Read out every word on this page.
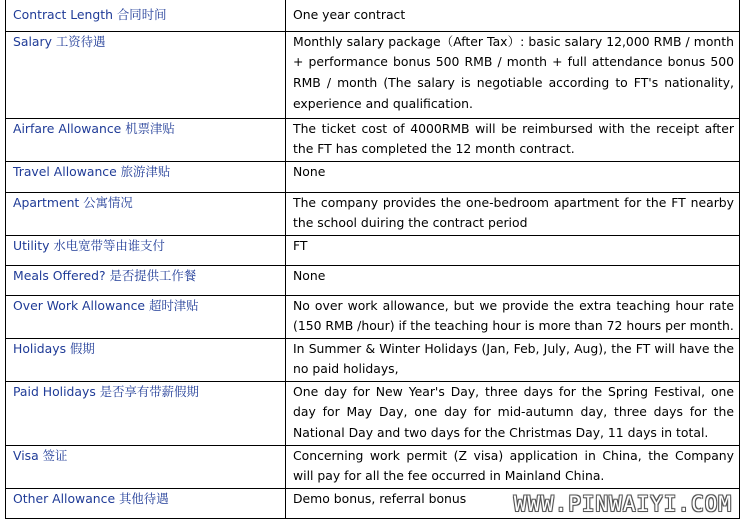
Contract Length 合同时间	One year contract
Salary 工资待遇	Monthly salary package（After Tax）: basic salary 12,000 RMB / month + performance bonus 500 RMB / month + full attendance bonus 500 RMB / month (The salary is negotiable according to FT's nationality, experience and qualification.
Airfare Allowance 机票津贴	The ticket cost of 4000RMB will be reimbursed with the receipt after the FT has completed the 12 month contract.
Travel Allowance 旅游津贴	None
Apartment 公寓情况	The company provides the one-bedroom apartment for the FT nearby the school duiring the contract period
Utility 水电宽带等由谁支付	FT
Meals Offered? 是否提供工作餐	None
Over Work Allowance 超时津贴	No over work allowance, but we provide the extra teaching hour rate (150 RMB /hour) if the teaching hour is more than 72 hours per month.
Holidays 假期	In Summer & Winter Holidays (Jan, Feb, July, Aug), the FT will have the no paid holidays,
Paid Holidays 是否享有带薪假期	One day for New Year's Day, three days for the Spring Festival, one day for May Day, one day for mid-autumn day, three days for the National Day and two days for the Christmas Day, 11 days in total.
Visa 签证	Concerning work permit (Z visa) application in China, the Company will pay for all the fee occurred in Mainland China.
Other Allowance 其他待遇	Demo bonus, referral bonus WWW.PINWAIYI.COM
